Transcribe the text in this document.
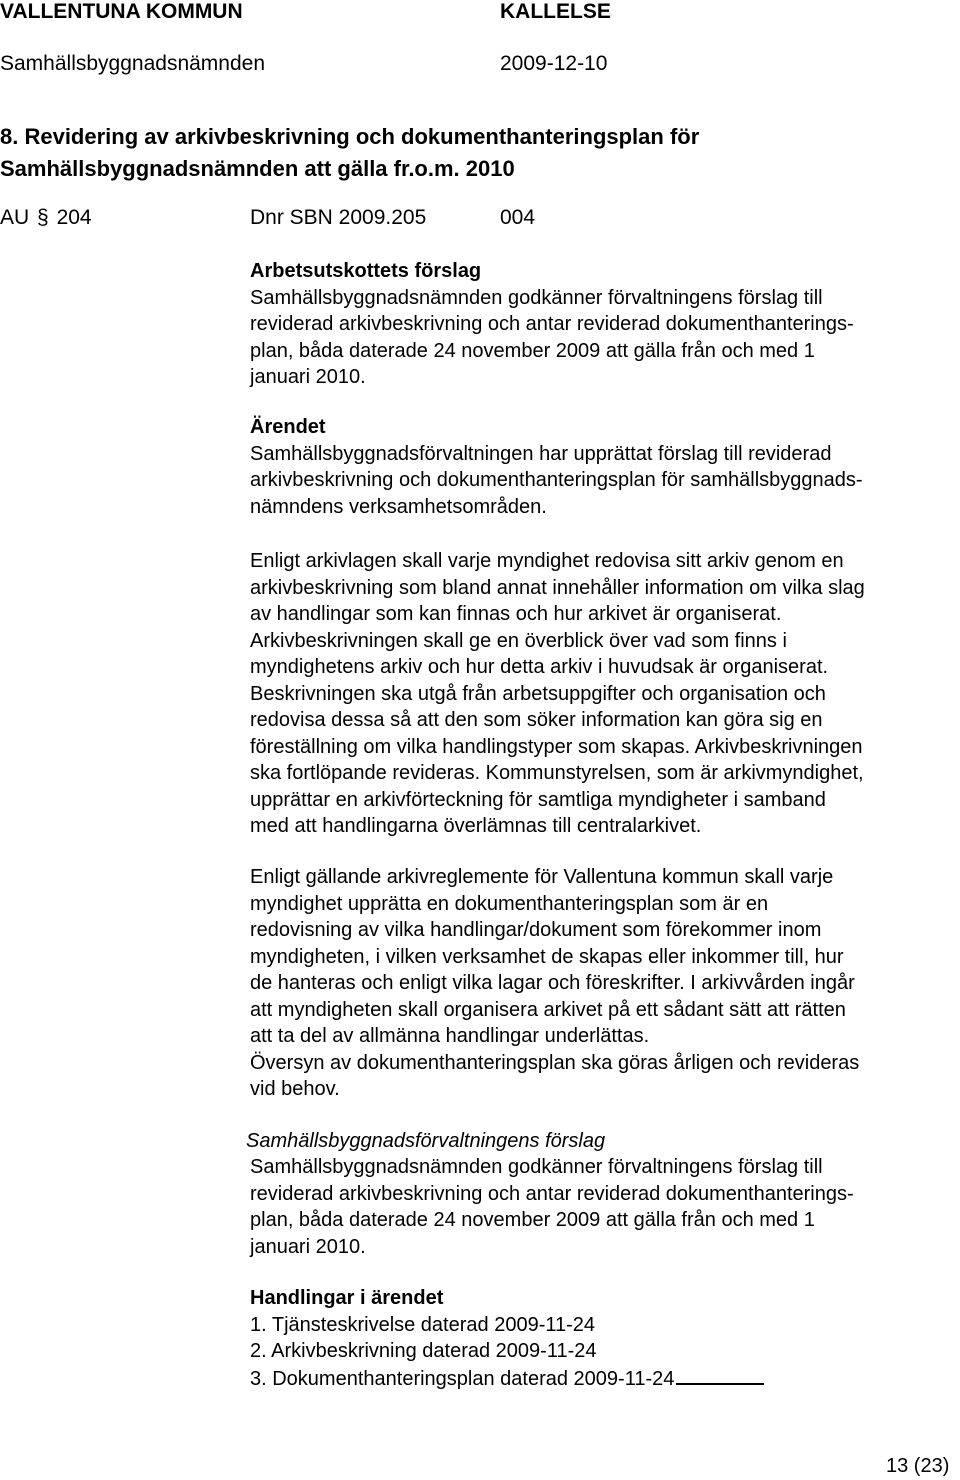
VALLENTUNA KOMMUN	KALLELSE
Samhällsbyggnadsnämnden	2009-12-10
8. Revidering av arkivbeskrivning och dokumenthanteringsplan för
Samhällsbyggnadsnämnden att gälla fr.o.m. 2010
AU § 204	Dnr SBN 2009.205	004
Arbetsutskottets förslag
Samhällsbyggnadsnämnden godkänner förvaltningens förslag till
reviderad arkivbeskrivning och antar reviderad dokumenthanterings-
plan, båda daterade 24 november 2009 att gälla från och med 1
januari 2010.
Ärendet
Samhällsbyggnadsförvaltningen har upprättat förslag till reviderad
arkivbeskrivning och dokumenthanteringsplan för samhällsbyggnads-
nämndens verksamhetsområden.
Enligt arkivlagen skall varje myndighet redovisa sitt arkiv genom en
arkivbeskrivning som bland annat innehåller information om vilka slag
av handlingar som kan finnas och hur arkivet är organiserat.
Arkivbeskrivningen skall ge en överblick över vad som finns i
myndighetens arkiv och hur detta arkiv i huvudsak är organiserat.
Beskrivningen ska utgå från arbetsuppgifter och organisation och
redovisa dessa så att den som söker information kan göra sig en
föreställning om vilka handlingstyper som skapas. Arkivbeskrivningen
ska fortlöpande revideras. Kommunstyrelsen, som är arkivmyndighet,
upprättar en arkivförteckning för samtliga myndigheter i samband
med att handlingarna överlämnas till centralarkivet.
Enligt gällande arkivreglemente för Vallentuna kommun skall varje
myndighet upprätta en dokumenthanteringsplan som är en
redovisning av vilka handlingar/dokument som förekommer inom
myndigheten, i vilken verksamhet de skapas eller inkommer till, hur
de hanteras och enligt vilka lagar och föreskrifter. I arkivvården ingår
att myndigheten skall organisera arkivet på ett sådant sätt att rätten
att ta del av allmänna handlingar underlättas.
Översyn av dokumenthanteringsplan ska göras årligen och revideras
vid behov.
Samhällsbyggnadsförvaltningens förslag
Samhällsbyggnadsnämnden godkänner förvaltningens förslag till
reviderad arkivbeskrivning och antar reviderad dokumenthanterings-
plan, båda daterade 24 november 2009 att gälla från och med 1
januari 2010.
Handlingar i ärendet
1. Tjänsteskrivelse daterad 2009-11-24
2. Arkivbeskrivning daterad 2009-11-24
3. Dokumenthanteringsplan daterad 2009-11-24
13 (23)
